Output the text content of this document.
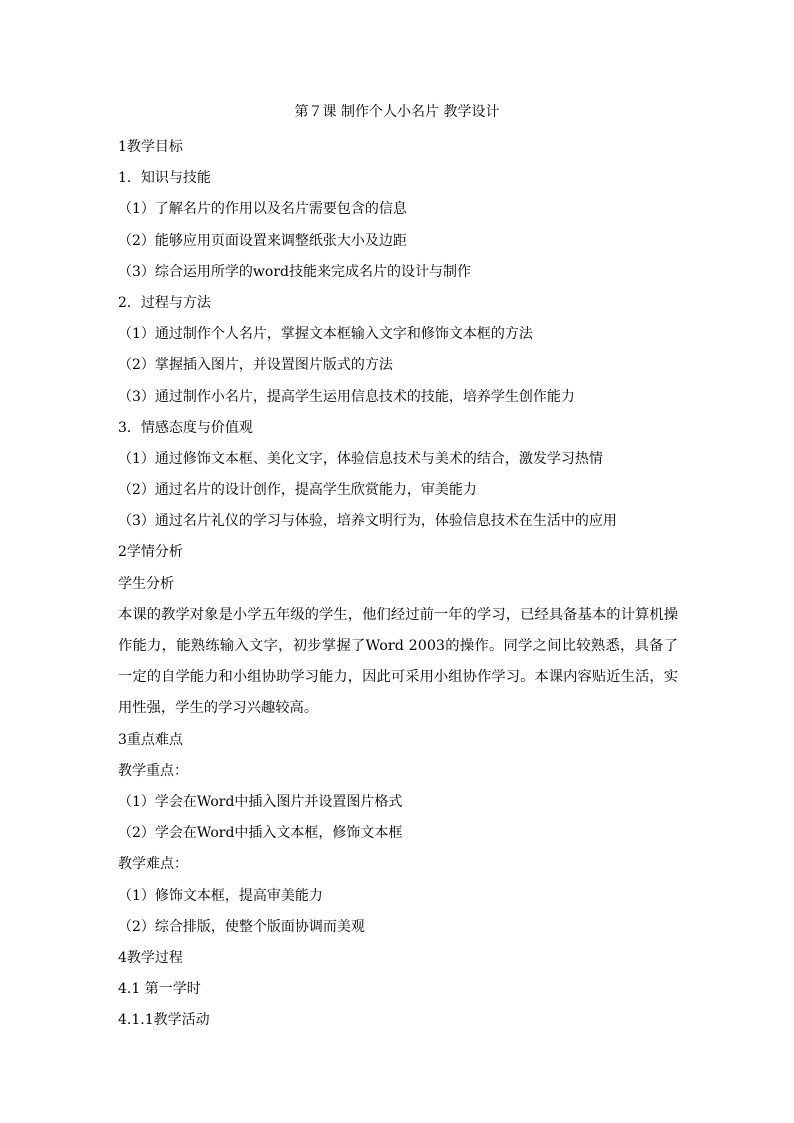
第７课 制作个人小名片 教学设计
1教学目标
1．知识与技能
（1）了解名片的作用以及名片需要包含的信息
（2）能够应用页面设置来调整纸张大小及边距
（3）综合运用所学的word技能来完成名片的设计与制作
2．过程与方法
（1）通过制作个人名片，掌握文本框输入文字和修饰文本框的方法
（2）掌握插入图片，并设置图片版式的方法
（3）通过制作小名片，提高学生运用信息技术的技能，培养学生创作能力
3．情感态度与价值观
（1）通过修饰文本框、美化文字，体验信息技术与美术的结合，激发学习热情
（2）通过名片的设计创作，提高学生欣赏能力，审美能力
（3）通过名片礼仪的学习与体验，培养文明行为，体验信息技术在生活中的应用
2学情分析
学生分析
本课的教学对象是小学五年级的学生，他们经过前一年的学习，已经具备基本的计算机操作能力，能熟练输入文字，初步掌握了Word 2003的操作。同学之间比较熟悉，具备了一定的自学能力和小组协助学习能力，因此可采用小组协作学习。本课内容贴近生活，实用性强，学生的学习兴趣较高。
3重点难点
教学重点：
（1）学会在Word中插入图片并设置图片格式
（2）学会在Word中插入文本框，修饰文本框
教学难点：
（1）修饰文本框，提高审美能力
（2）综合排版，使整个版面协调而美观
4教学过程
4.1 第一学时
4.1.1教学活动
